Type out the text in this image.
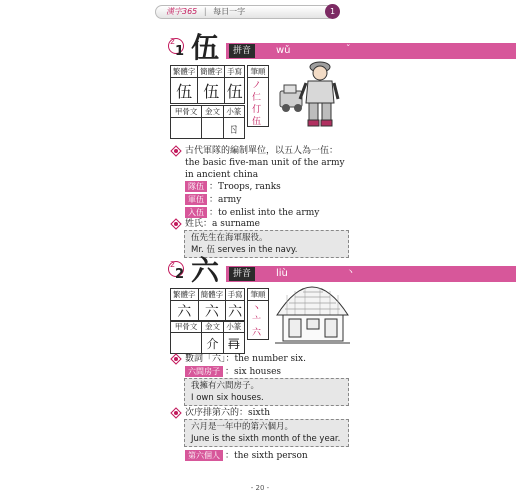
漢字365 | 每日一字	1
2
1 伍	拼音	wǔ	ˇ
繁體字	簡體字	手寫
伍	伍	伍
甲骨文	金文	小篆
		ㄖ
筆順
ノ
仁
仃
伍
古代軍隊的編制單位，以五人為一伍：
the basic five-man unit of the army in ancient china
隊伍 ：Troops, ranks
軍伍 ：army
入伍 ：to enlist into the army
姓氏：a surname
伍先生在海軍服役。
Mr. 伍 serves in the navy.
2
2 六	拼音	liù	丶
繁體字	簡體字	手寫
六	六	六
甲骨文	金文	小篆
	介	𠕅
筆順
丶
亠
六
數詞「六」：the number six.
六間房子 ：six houses
我擁有六間房子。
I own six houses.
次序排第六的：sixth
六月是一年中的第六個月。
June is the sixth month of the year.
第六個人 ：the sixth person
- 20 -
